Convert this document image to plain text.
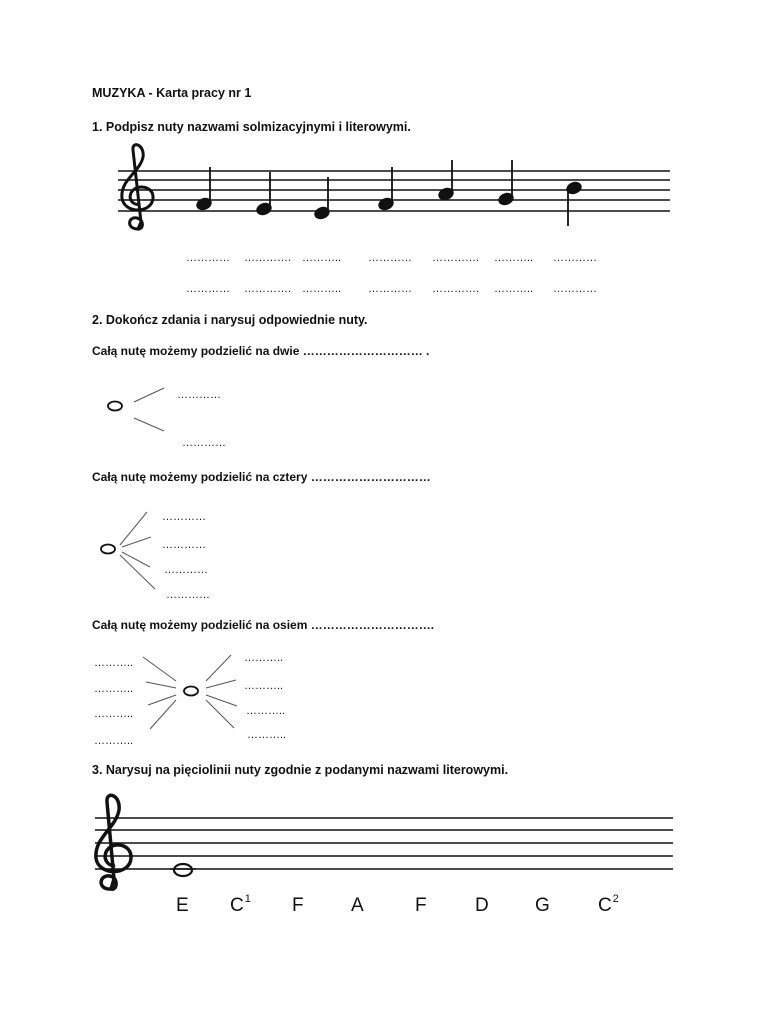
MUZYKA - Karta pracy nr 1
1. Podpisz nuty nazwami solmizacyjnymi i literowymi.
………… …………. ……….. ………… …………. ……….. …………
………… …………. ……….. ………… …………. ……….. …………
2. Dokończ zdania i narysuj odpowiednie nuty.
Całą nutę możemy podzielić na dwie ………………………… .
…………
…………
Całą nutę możemy podzielić na cztery …………………………
…………
…………
…………
…………
Całą nutę możemy podzielić na osiem ………………………….
………..
………..
………..
………..
………..
………..
………..
………..
3. Narysuj na pięciolinii nuty zgodnie z podanymi nazwami literowymi.
E $C^1$ F A	F	D G	$C^2$
